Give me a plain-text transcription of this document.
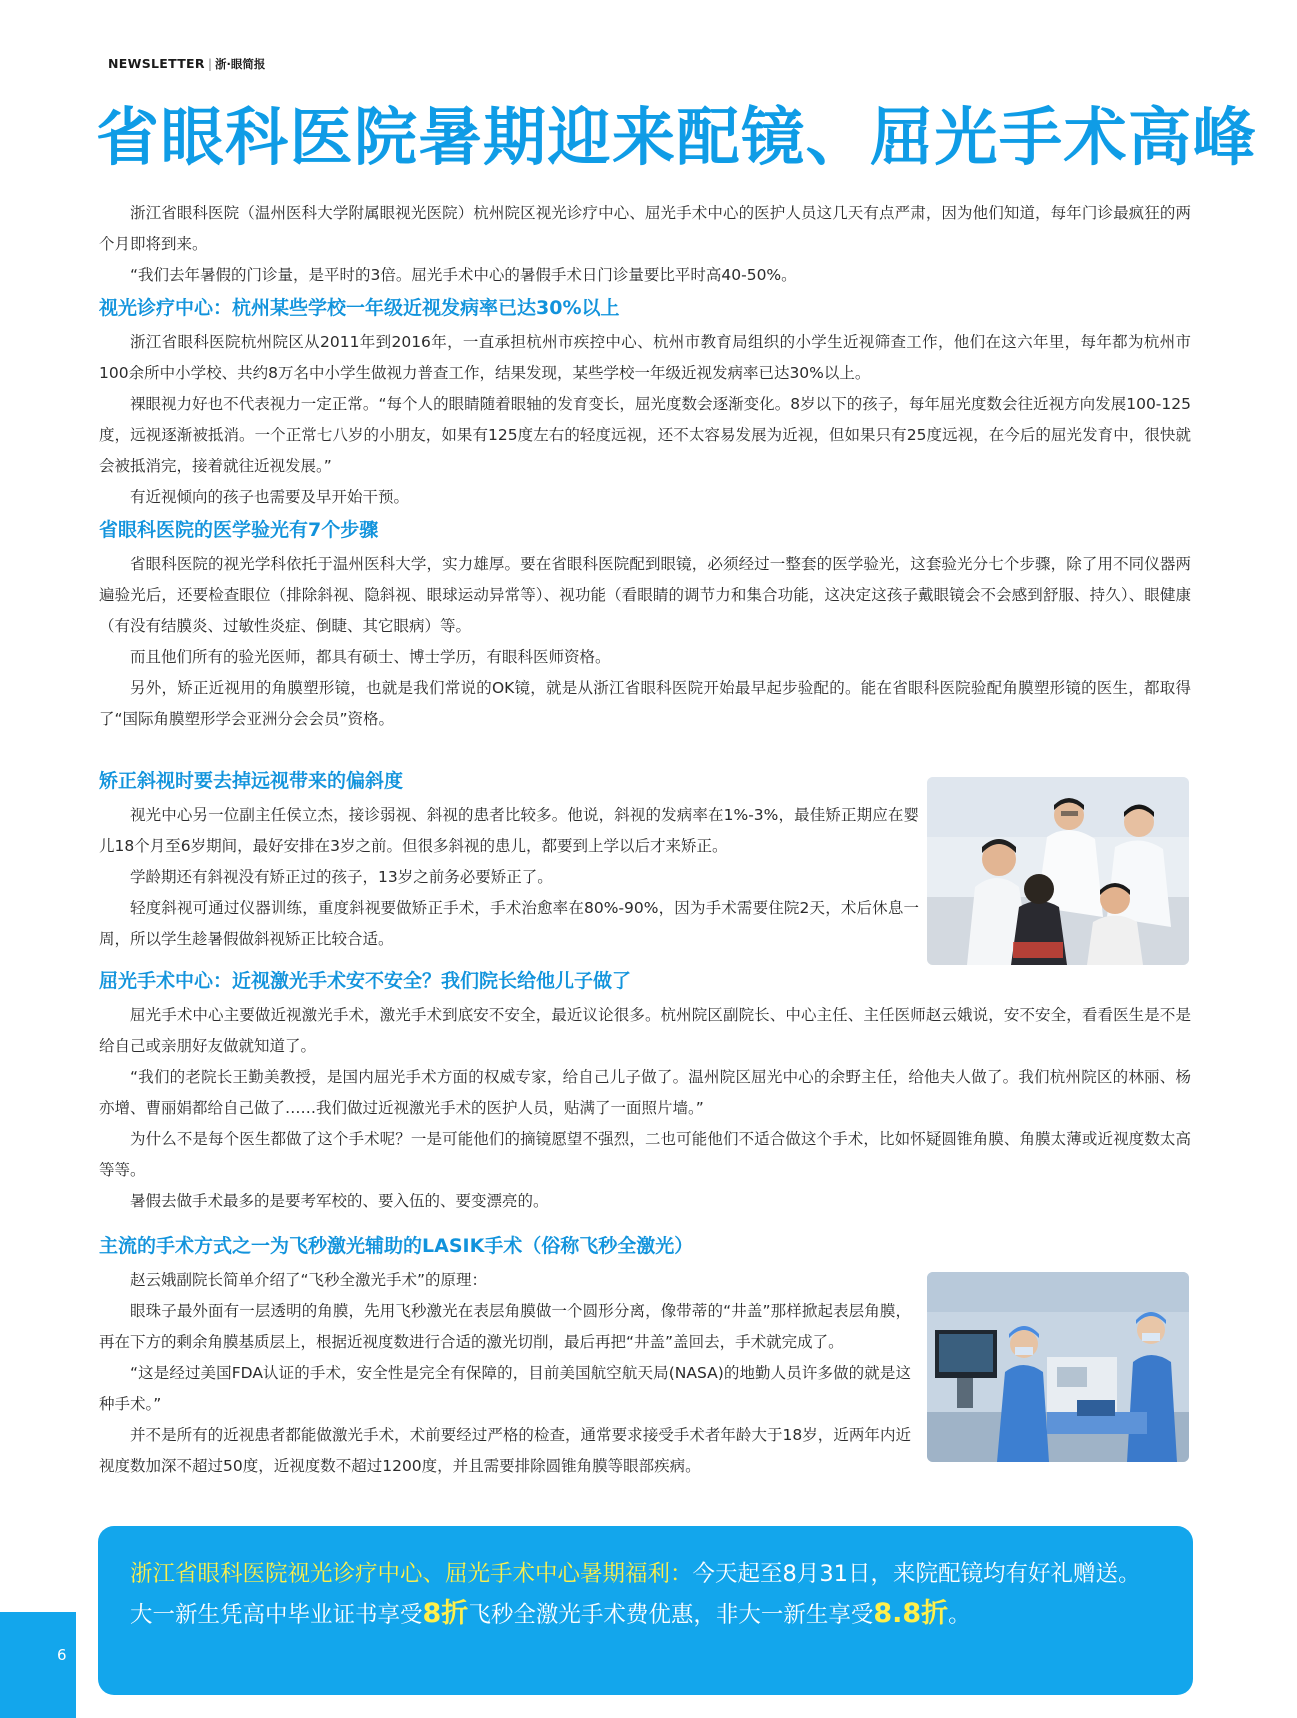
NEWSLETTER | 浙·眼简报
省眼科医院暑期迎来配镜、屈光手术高峰

浙江省眼科医院（温州医科大学附属眼视光医院）杭州院区视光诊疗中心、屈光手术中心的医护人员这几天有点严肃，因为他们知道，每年门诊最疯狂的两个月即将到来。

“我们去年暑假的门诊量，是平时的3倍。屈光手术中心的暑假手术日门诊量要比平时高40-50%。

视光诊疗中心：杭州某些学校一年级近视发病率已达30%以上

浙江省眼科医院杭州院区从2011年到2016年，一直承担杭州市疾控中心、杭州市教育局组织的小学生近视筛查工作，他们在这六年里，每年都为杭州市100余所中小学校、共约8万名中小学生做视力普查工作，结果发现，某些学校一年级近视发病率已达30%以上。

裸眼视力好也不代表视力一定正常。“每个人的眼睛随着眼轴的发育变长，屈光度数会逐渐变化。8岁以下的孩子，每年屈光度数会往近视方向发展100-125度，远视逐渐被抵消。一个正常七八岁的小朋友，如果有125度左右的轻度远视，还不太容易发展为近视，但如果只有25度远视，在今后的屈光发育中，很快就会被抵消完，接着就往近视发展。”

有近视倾向的孩子也需要及早开始干预。

省眼科医院的医学验光有7个步骤

省眼科医院的视光学科依托于温州医科大学，实力雄厚。要在省眼科医院配到眼镜，必须经过一整套的医学验光，这套验光分七个步骤，除了用不同仪器两遍验光后，还要检查眼位（排除斜视、隐斜视、眼球运动异常等）、视功能（看眼睛的调节力和集合功能，这决定这孩子戴眼镜会不会感到舒服、持久）、眼健康（有没有结膜炎、过敏性炎症、倒睫、其它眼病）等。

而且他们所有的验光医师，都具有硕士、博士学历，有眼科医师资格。

另外，矫正近视用的角膜塑形镜，也就是我们常说的OK镜，就是从浙江省眼科医院开始最早起步验配的。能在省眼科医院验配角膜塑形镜的医生，都取得了“国际角膜塑形学会亚洲分会会员”资格。

矫正斜视时要去掉远视带来的偏斜度

视光中心另一位副主任侯立杰，接诊弱视、斜视的患者比较多。他说，斜视的发病率在1%-3%，最佳矫正期应在婴儿18个月至6岁期间，最好安排在3岁之前。但很多斜视的患儿，都要到上学以后才来矫正。

学龄期还有斜视没有矫正过的孩子，13岁之前务必要矫正了。

轻度斜视可通过仪器训练，重度斜视要做矫正手术，手术治愈率在80%-90%，因为手术需要住院2天，术后休息一周，所以学生趁暑假做斜视矫正比较合适。

屈光手术中心：近视激光手术安不安全？我们院长给他儿子做了

屈光手术中心主要做近视激光手术，激光手术到底安不安全，最近议论很多。杭州院区副院长、中心主任、主任医师赵云娥说，安不安全，看看医生是不是给自己或亲朋好友做就知道了。

“我们的老院长王勤美教授，是国内屈光手术方面的权威专家，给自己儿子做了。温州院区屈光中心的余野主任，给他夫人做了。我们杭州院区的林丽、杨亦增、曹丽娟都给自己做了……我们做过近视激光手术的医护人员，贴满了一面照片墙。”

为什么不是每个医生都做了这个手术呢？一是可能他们的摘镜愿望不强烈，二也可能他们不适合做这个手术，比如怀疑圆锥角膜、角膜太薄或近视度数太高等等。

暑假去做手术最多的是要考军校的、要入伍的、要变漂亮的。

主流的手术方式之一为飞秒激光辅助的LASIK手术（俗称飞秒全激光）

赵云娥副院长简单介绍了“飞秒全激光手术”的原理：

眼珠子最外面有一层透明的角膜，先用飞秒激光在表层角膜做一个圆形分离，像带蒂的“井盖”那样掀起表层角膜，再在下方的剩余角膜基质层上，根据近视度数进行合适的激光切削，最后再把“井盖”盖回去，手术就完成了。

“这是经过美国FDA认证的手术，安全性是完全有保障的，目前美国航空航天局(NASA)的地勤人员许多做的就是这种手术。”

并不是所有的近视患者都能做激光手术，术前要经过严格的检查，通常要求接受手术者年龄大于18岁，近两年内近视度数加深不超过50度，近视度数不超过1200度，并且需要排除圆锥角膜等眼部疾病。

浙江省眼科医院视光诊疗中心、屈光手术中心暑期福利：今天起至8月31日，来院配镜均有好礼赠送。
大一新生凭高中毕业证书享受8折飞秒全激光手术费优惠，非大一新生享受8.8折。
6
